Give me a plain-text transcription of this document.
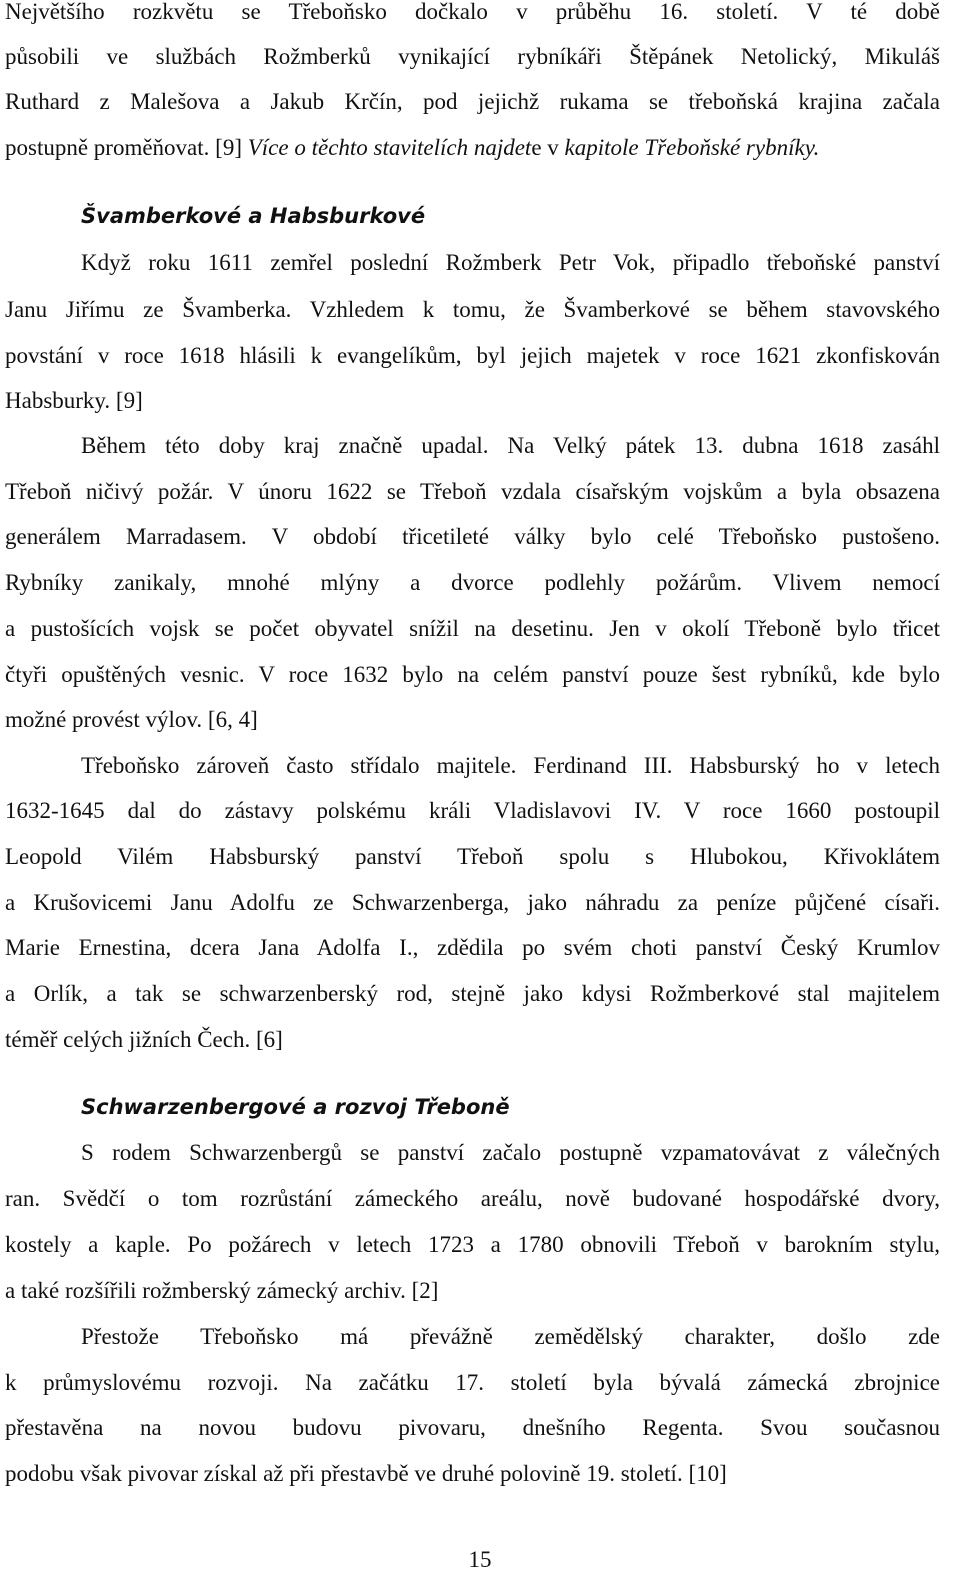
Největšího rozkvětu se Třeboňsko dočkalo v průběhu 16. století. V té době
působili ve službách Rožmberků vynikající rybníkáři Štěpánek Netolický, Mikuláš
Ruthard z Malešova a Jakub Krčín, pod jejichž rukama se třeboňská krajina začala
postupně proměňovat. [9] Více o těchto stavitelích najdete v kapitole Třeboňské rybníky.
Švamberkové a Habsburkové
Když roku 1611 zemřel poslední Rožmberk Petr Vok, připadlo třeboňské panství
Janu Jiřímu ze Švamberka. Vzhledem k tomu, že Švamberkové se během stavovského
povstání v roce 1618 hlásili k evangelíkům, byl jejich majetek v roce 1621 zkonfiskován
Habsburky. [9]
Během této doby kraj značně upadal. Na Velký pátek 13. dubna 1618 zasáhl
Třeboň ničivý požár. V únoru 1622 se Třeboň vzdala císařským vojskům a byla obsazena
generálem Marradasem. V období třicetileté války bylo celé Třeboňsko pustošeno.
Rybníky zanikaly, mnohé mlýny a dvorce podlehly požárům. Vlivem nemocí
a pustošících vojsk se počet obyvatel snížil na desetinu. Jen v okolí Třeboně bylo třicet
čtyři opuštěných vesnic. V roce 1632 bylo na celém panství pouze šest rybníků, kde bylo
možné provést výlov. [6, 4]
Třeboňsko zároveň často střídalo majitele. Ferdinand III. Habsburský ho v letech
1632-1645 dal do zástavy polskému králi Vladislavovi IV. V roce 1660 postoupil
Leopold Vilém Habsburský panství Třeboň spolu s Hlubokou, Křivoklátem
a Krušovicemi Janu Adolfu ze Schwarzenberga, jako náhradu za peníze půjčené císaři.
Marie Ernestina, dcera Jana Adolfa I., zdědila po svém choti panství Český Krumlov
a Orlík, a tak se schwarzenberský rod, stejně jako kdysi Rožmberkové stal majitelem
téměř celých jižních Čech. [6]
Schwarzenbergové a rozvoj Třeboně
S rodem Schwarzenbergů se panství začalo postupně vzpamatovávat z válečných
ran. Svědčí o tom rozrůstání zámeckého areálu, nově budované hospodářské dvory,
kostely a kaple. Po požárech v letech 1723 a 1780 obnovili Třeboň v barokním stylu,
a také rozšířili rožmberský zámecký archiv. [2]
Přestože Třeboňsko má převážně zemědělský charakter, došlo zde
k průmyslovému rozvoji. Na začátku 17. století byla bývalá zámecká zbrojnice
přestavěna na novou budovu pivovaru, dnešního Regenta. Svou současnou
podobu však pivovar získal až při přestavbě ve druhé polovině 19. století. [10]
15
